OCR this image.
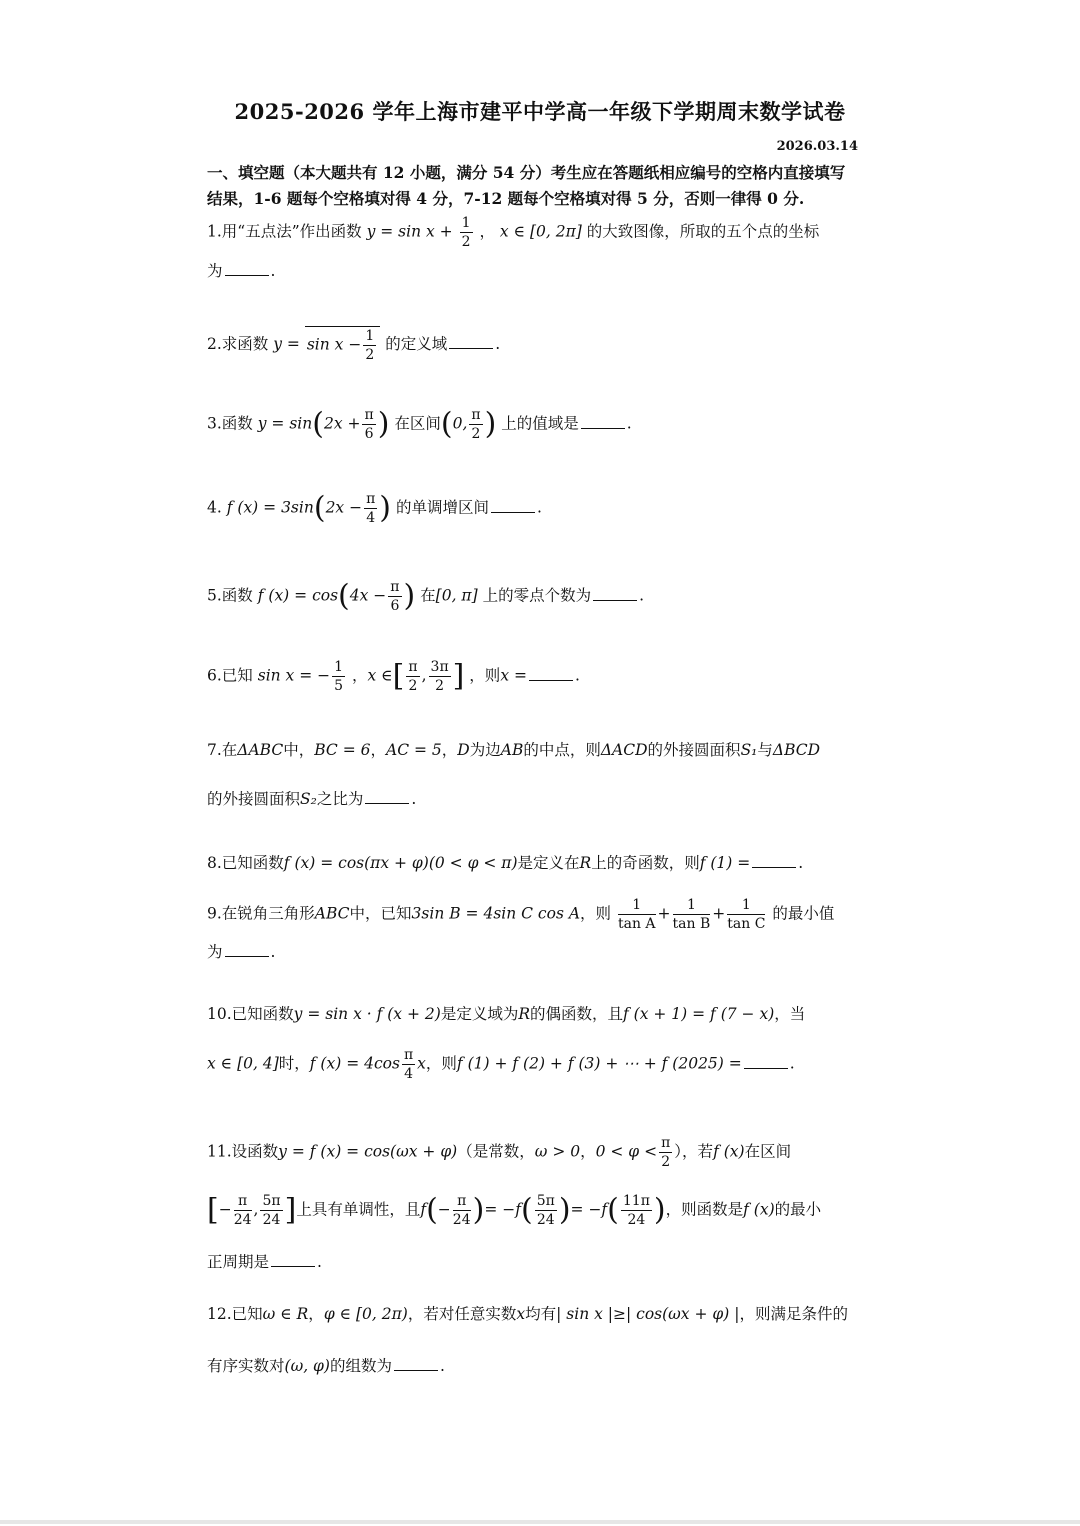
2025-2026 学年上海市建平中学高一年级下学期周末数学试卷
2026.03.14
一、填空题（本大题共有 12 小题，满分 54 分）考生应在答题纸相应编号的空格内直接填写结果，1-6 题每个空格填对得 4 分，7-12 题每个空格填对得 5 分，否则一律得 0 分.
1.用“五点法”作出函数 $y = \sin x + \frac{1}{2}$ ， x ∈ [0, 2π] 的大致图像，所取的五个点的坐标
为	.
2.求函数 $y = \sin x - \frac{1}{2}$ 的定义域	.
3.函数 $y = \sin(2x + \frac{\pi}{6}$ ) 在区间(0, $\frac{\pi}{2}$ ) 上的值域是	.
4. f $(x) = 3\sin(2x - \frac{\pi}{4}$ ) 的单调增区间	.
5.函数 f $(x) = \cos(4x - \frac{\pi}{6}$ ) 在[0, π] 上的零点个数为	.
6.已知 sin x = − $\frac{1}{5}$ ，x ∈[ $\frac{\pi}{2}$ , $\frac{3\pi}{2}$ ] ，则x =	.
7.在ΔABC中，BC = 6，AC = 5，D为边AB的中点，则ΔACD的外接圆面积S₁与ΔBCD
的外接圆面积S₂之比为	.
8.已知函数f (x) = cos(πx + φ)(0 < φ < π)是定义在R上的奇函数，则f (1) =	.
9.在锐角三角形ABC中，已知3sin B = 4sin C cos A，则 $\frac{1}{\text{tan A}} + \frac{1}{\text{tan B}} + \frac{1}{\text{tan C}}$ 的最小值
为	.
10.已知函数y = sin x · f (x + 2)是定义域为R的偶函数，且f (x + 1) = f (7 − x)，当
x ∈ [0, 4]时，f $(x) = 4\cos \frac{\pi}{4}$ x，则f (1) + f (2) + f (3) + ⋯ + f (2025) =	.
11.设函数y = f (x) = cos(ωx + φ)（是常数，ω > 0，$0 < \varphi < \frac{\pi}{2}$ ），若f (x)在区间
[− $\frac{\pi}{24}$ , $\frac{5\pi}{24}$ ]上具有单调性，且$f(- \frac{\pi}{24}$ )= $-f( \frac{5\pi}{24}$ )= $-f( \frac{11\pi}{24}$ )，则函数是f (x)的最小
正周期是	.
12.已知ω ∈ R，φ ∈ [0, 2π)，若对任意实数x均有| sin x |≥| cos(ωx + φ) |，则满足条件的
有序实数对(ω, φ)的组数为	.
